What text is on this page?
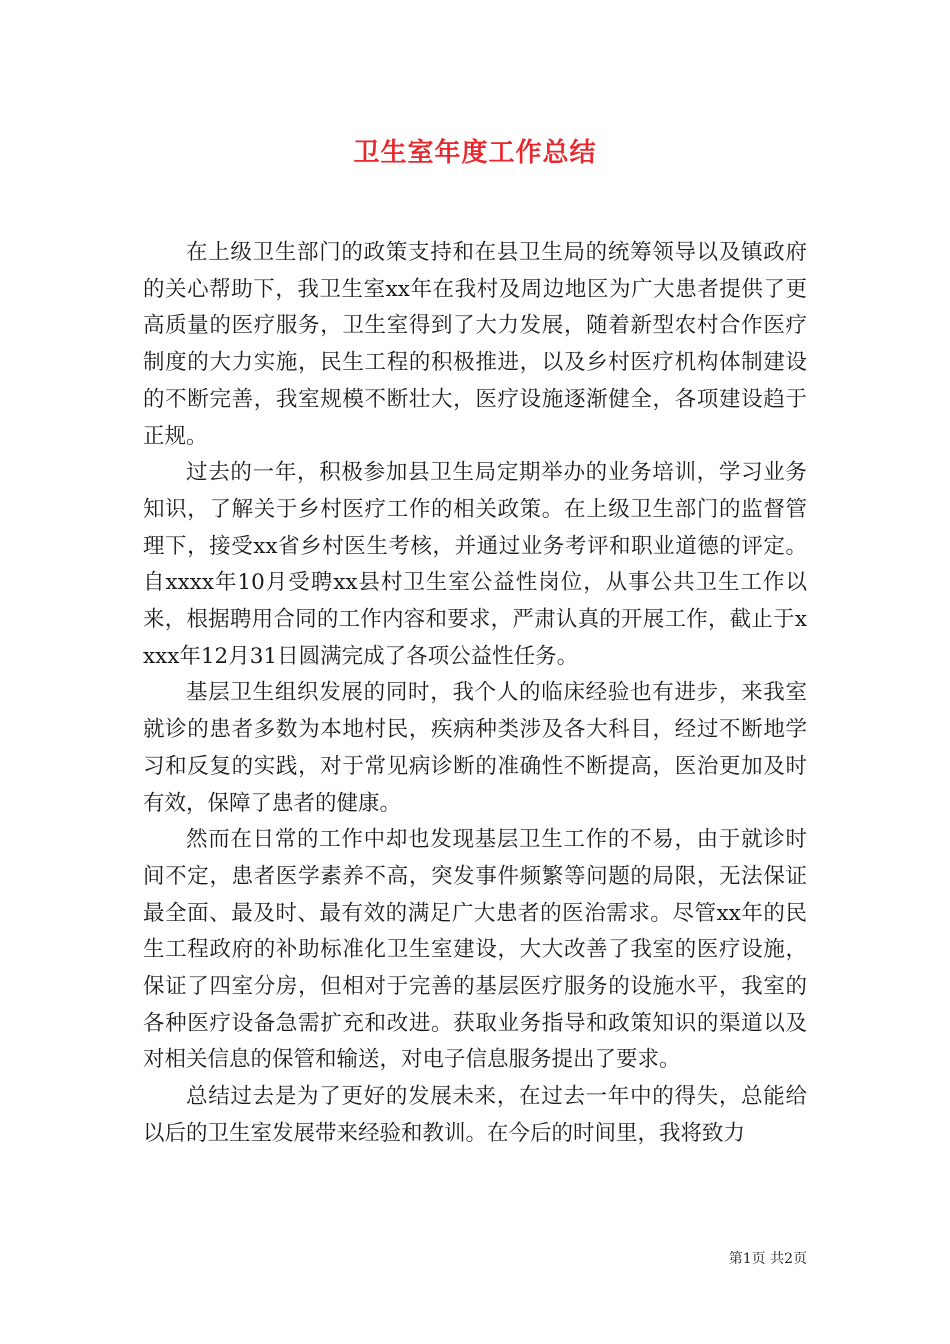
卫生室年度工作总结

在上级卫生部门的政策支持和在县卫生局的统筹领导以及镇政府的关心帮助下，我卫生室xx年在我村及周边地区为广大患者提供了更高质量的医疗服务，卫生室得到了大力发展，随着新型农村合作医疗制度的大力实施，民生工程的积极推进，以及乡村医疗机构体制建设的不断完善，我室规模不断壮大，医疗设施逐渐健全，各项建设趋于正规。

过去的一年，积极参加县卫生局定期举办的业务培训，学习业务知识，了解关于乡村医疗工作的相关政策。在上级卫生部门的监督管理下，接受xx省乡村医生考核，并通过业务考评和职业道德的评定。自xxxx年10月受聘xx县村卫生室公益性岗位，从事公共卫生工作以来，根据聘用合同的工作内容和要求，严肃认真的开展工作，截止于xxxx年12月31日圆满完成了各项公益性任务。

基层卫生组织发展的同时，我个人的临床经验也有进步，来我室就诊的患者多数为本地村民，疾病种类涉及各大科目，经过不断地学习和反复的实践，对于常见病诊断的准确性不断提高，医治更加及时有效，保障了患者的健康。

然而在日常的工作中却也发现基层卫生工作的不易，由于就诊时间不定，患者医学素养不高，突发事件频繁等问题的局限，无法保证最全面、最及时、最有效的满足广大患者的医治需求。尽管xx年的民生工程政府的补助标准化卫生室建设，大大改善了我室的医疗设施，保证了四室分房，但相对于完善的基层医疗服务的设施水平，我室的各种医疗设备急需扩充和改进。获取业务指导和政策知识的渠道以及对相关信息的保管和输送，对电子信息服务提出了要求。

总结过去是为了更好的发展未来，在过去一年中的得失，总能给以后的卫生室发展带来经验和教训。在今后的时间里，我将致力

第1页 共2页
